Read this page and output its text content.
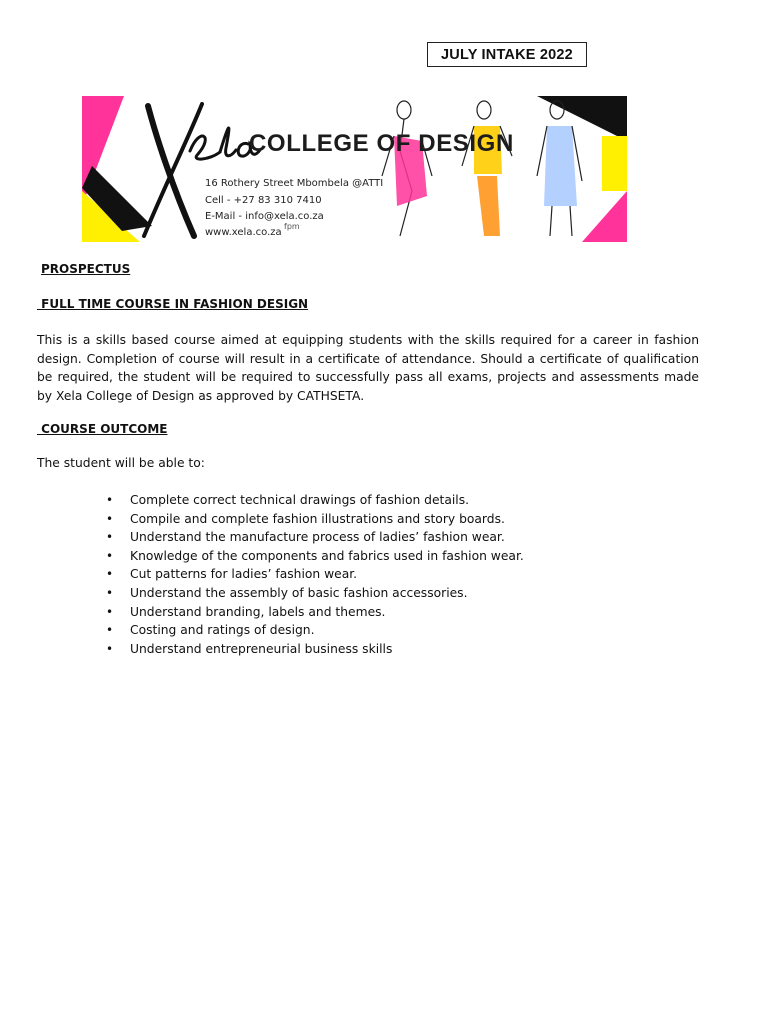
JULY INTAKE 2022
COLLEGE OF DESIGN
16 Rothery Street Mbombela @ATTI
Cell - +27 83 310 7410
E-Mail - info@xela.co.za
www.xela.co.za
fpm
PROSPECTUS
FULL TIME COURSE IN FASHION DESIGN

This is a skills based course aimed at equipping students with the skills required for a career in fashion design. Completion of course will result in a certificate of attendance. Should a certificate of qualification be required, the student will be required to successfully pass all exams, projects and assessments made by Xela College of Design as approved by CATHSETA.

COURSE OUTCOME
The student will be able to:
• Complete correct technical drawings of fashion details.
• Compile and complete fashion illustrations and story boards.
• Understand the manufacture process of ladies’ fashion wear.
• Knowledge of the components and fabrics used in fashion wear.
• Cut patterns for ladies’ fashion wear.
• Understand the assembly of basic fashion accessories.
• Understand branding, labels and themes.
• Costing and ratings of design.
• Understand entrepreneurial business skills
